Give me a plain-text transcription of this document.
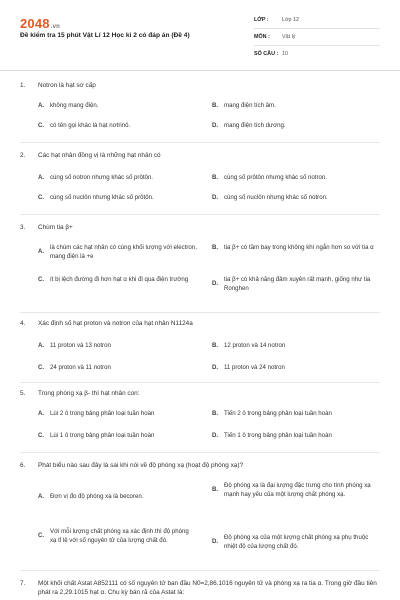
2048.vn
Đề kiểm tra 15 phút Vật Lí 12 Học kì 2 có đáp án (Đề 4)
LỚP :	Lớp 12
MÔN :	Vật lý
SỐ CÂU : 10
1.	Notron là hạt sơ cấp
A. không mang điện.	B. mang điện tích âm.
C. có tên gọi khác là hạt nơtrinô.	D. mang điện tích dương.
2.	Các hạt nhân đồng vị là những hạt nhân có
A. cùng số notron nhưng khác số prôtôn.	B. cùng số prôtôn nhưng khác số notron.
C. cùng số nuclôn nhưng khác số prôtôn.	D. cùng số nuclôn nhưng khác số notron.
3.	Chùm tia β+
A.
là chùm các hạt nhân có cùng khối lượng với electron, mang điện là +e
B. tia β+ có tầm bay trong không khí ngắn hơn so với tia α
C. ít bị lệch đường đi hơn hạt α khi đi qua điện trường
D.
tia β+ có khả năng đâm xuyên rất mạnh, giống như tia Ronghen
4.	Xác định số hạt proton và notron của hạt nhân N1124a
A. 11 proton và 13 notron	B. 12 proton và 14 notron
C. 24 proton và 11 notron	D. 11 proton và 24 notron
5.	Trong phóng xạ β- thì hạt nhân con:
A. Lùi 2 ô trong bảng phân loại tuần hoàn	B. Tiến 2 ô trong bảng phân loại tuần hoàn
C. Lùi 1 ô trong bảng phân loại tuần hoàn	D. Tiến 1 ô trong bảng phân loại tuần hoàn
6.	Phát biểu nào sau đây là sai khi nói về độ phóng xạ (hoạt độ phóng xạ)?
A. Đơn vị đo độ phóng xạ là becoren.
B.
Độ phóng xạ là đại lượng đặc trưng cho tính phóng xạ mạnh hay yếu của một lượng chất phóng xạ.
C.
Với mỗi lượng chất phóng xạ xác định thì độ phóng xạ tỉ lệ với số nguyên tử của lượng chất đó.	D.
Độ phóng xạ của một lượng chất phóng xạ phụ thuộc nhiệt độ của lượng chất đó.
7.	Một khối chất Astat A852111 có số nguyên tử ban đầu N0=2,86.1016 nguyên tử và phóng xạ ra tia α. Trong giờ đầu tiên phát ra 2,29.1015 hạt α. Chu kỳ bán rã của Astat là:
